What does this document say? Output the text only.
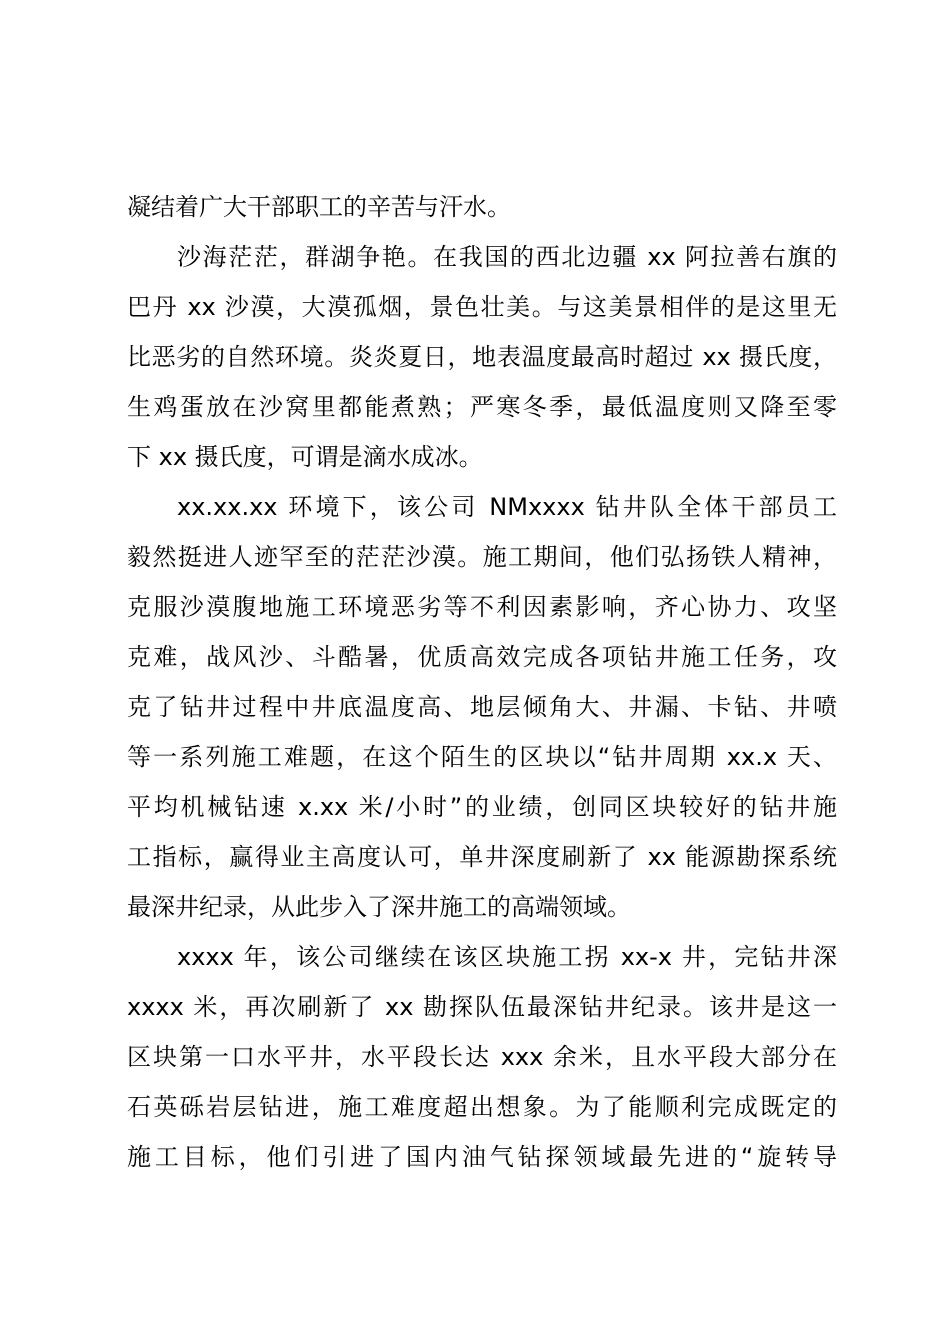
凝结着广大干部职工的辛苦与汗水。
沙海茫茫，群湖争艳。在我国的西北边疆 xx 阿拉善右旗的
巴丹 xx 沙漠，大漠孤烟，景色壮美。与这美景相伴的是这里无
比恶劣的自然环境。炎炎夏日，地表温度最高时超过 xx 摄氏度，
生鸡蛋放在沙窝里都能煮熟；严寒冬季，最低温度则又降至零
下 xx 摄氏度，可谓是滴水成冰。
xx.xx.xx 环境下，该公司 NMxxxx 钻井队全体干部员工
毅然挺进人迹罕至的茫茫沙漠。施工期间，他们弘扬铁人精神，
克服沙漠腹地施工环境恶劣等不利因素影响，齐心协力、攻坚
克难，战风沙、斗酷暑，优质高效完成各项钻井施工任务，攻
克了钻井过程中井底温度高、地层倾角大、井漏、卡钻、井喷
等一系列施工难题，在这个陌生的区块以“钻井周期 xx.x 天、
平均机械钻速 x.xx 米/小时”的业绩，创同区块较好的钻井施
工指标，赢得业主高度认可，单井深度刷新了 xx 能源勘探系统
最深井纪录，从此步入了深井施工的高端领域。
xxxx 年，该公司继续在该区块施工拐 xx-x 井，完钻井深
xxxx 米，再次刷新了 xx 勘探队伍最深钻井纪录。该井是这一
区块第一口水平井，水平段长达 xxx 余米，且水平段大部分在
石英砾岩层钻进，施工难度超出想象。为了能顺利完成既定的
施工目标，他们引进了国内油气钻探领域最先进的“旋转导
